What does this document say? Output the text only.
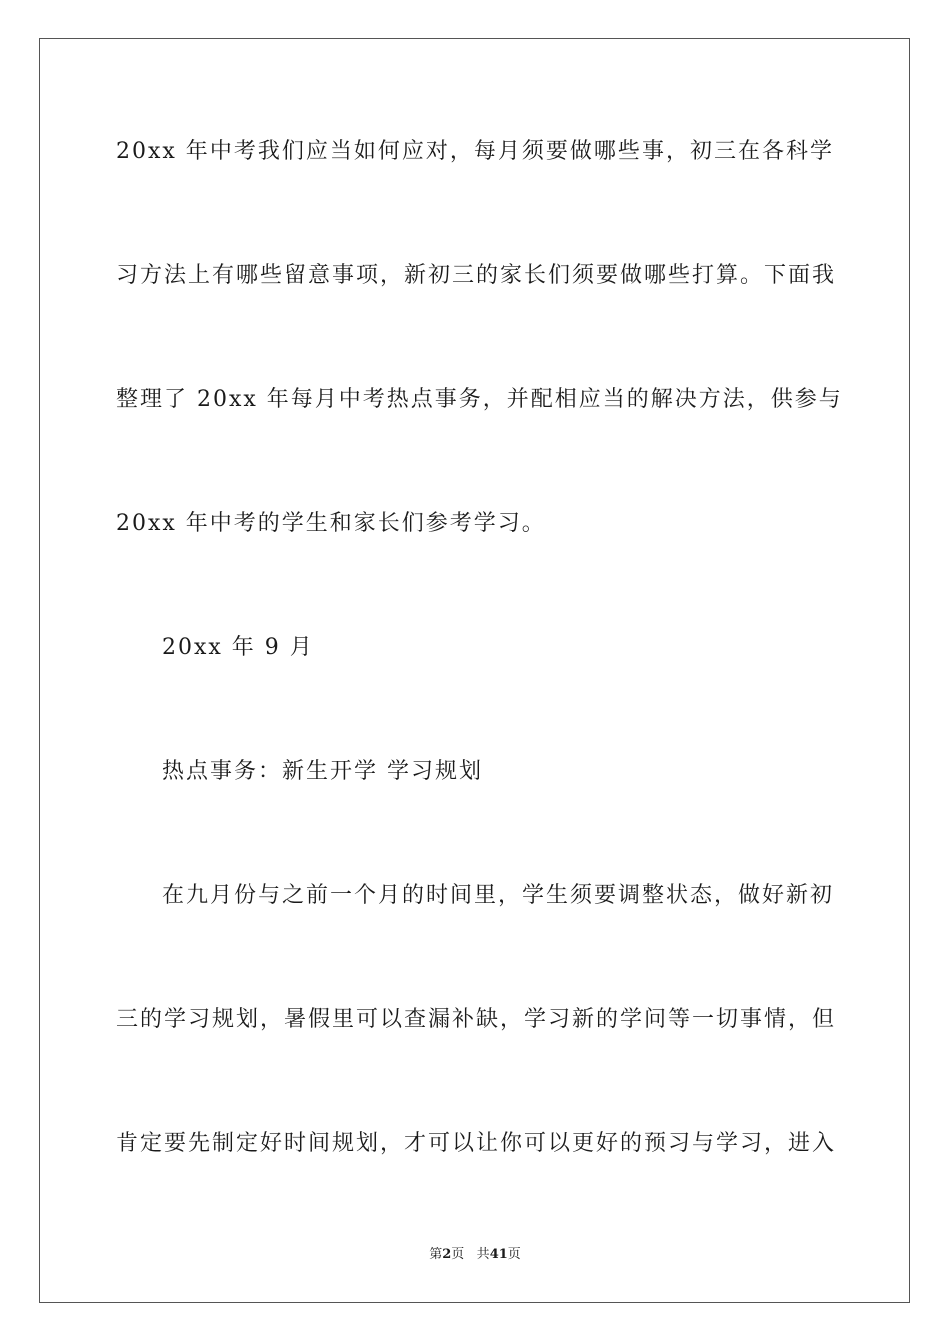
20xx 年中考我们应当如何应对，每月须要做哪些事，初三在各科学
习方法上有哪些留意事项，新初三的家长们须要做哪些打算。下面我
整理了 20xx 年每月中考热点事务，并配相应当的解决方法，供参与
20xx 年中考的学生和家长们参考学习。
20xx 年 9 月
热点事务：新生开学 学习规划
在九月份与之前一个月的时间里，学生须要调整状态，做好新初
三的学习规划，暑假里可以查漏补缺，学习新的学问等一切事情，但
肯定要先制定好时间规划，才可以让你可以更好的预习与学习，进入
第2页 共41页
